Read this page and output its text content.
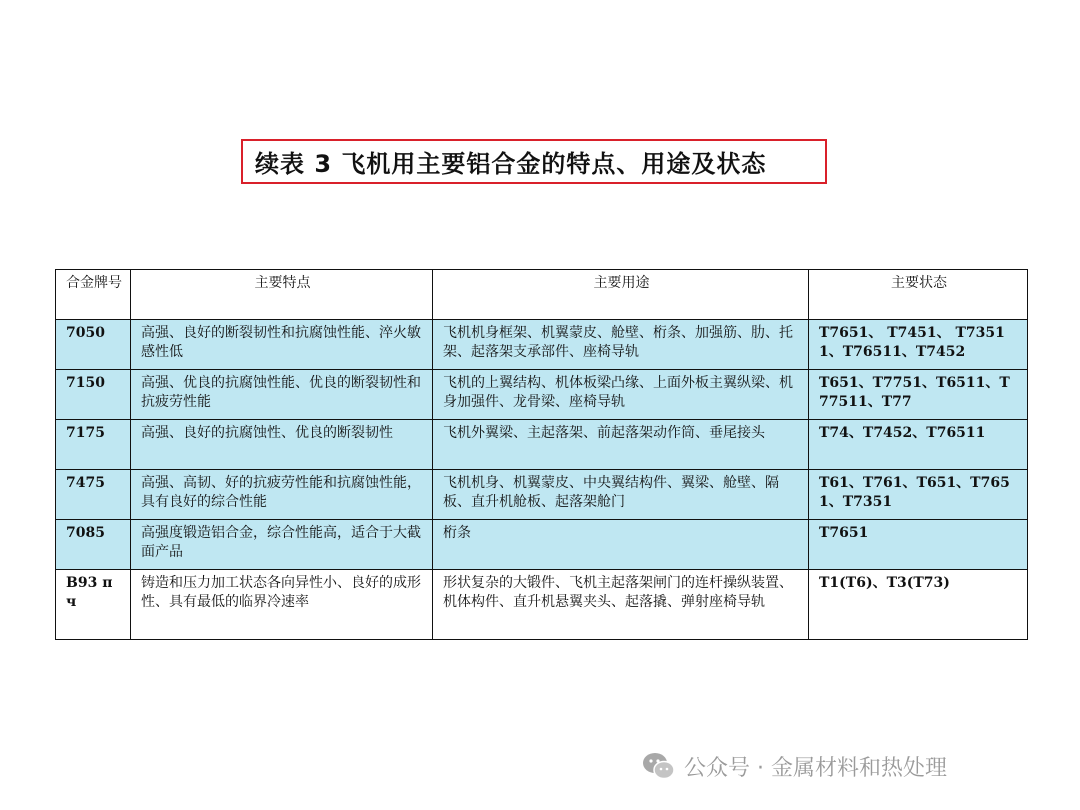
续表 3 飞机用主要铝合金的特点、用途及状态
合金牌号	主要特点	主要用途	主要状态
7050	高强、良好的断裂韧性和抗腐蚀性能、淬火敏感性低	飞机机身框架、机翼蒙皮、舱壁、桁条、加强筋、肋、托架、起落架支承部件、座椅导轨	T7651、 T7451、 T73511、T76511、T7452
7150	高强、优良的抗腐蚀性能、优良的断裂韧性和抗疲劳性能	飞机的上翼结构、机体板梁凸缘、上面外板主翼纵梁、机身加强件、龙骨梁、座椅导轨	T651、T7751、T6511、T77511、T77
7175	高强、良好的抗腐蚀性、优良的断裂韧性	飞机外翼梁、主起落架、前起落架动作筒、垂尾接头	T74、T7452、T76511
7475	高强、高韧、好的抗疲劳性能和抗腐蚀性能，具有良好的综合性能	飞机机身、机翼蒙皮、中央翼结构件、翼梁、舱壁、隔板、直升机舱板、起落架舱门	T61、T761、T651、T7651、T7351
7085	高强度锻造铝合金，综合性能高，适合于大截面产品	桁条	T7651
B93 пч	铸造和压力加工状态各向异性小、良好的成形性、具有最低的临界冷速率	形状复杂的大锻件、飞机主起落架闸门的连杆操纵装置、机体构件、直升机悬翼夹头、起落撬、弹射座椅导轨	T1(T6)、T3(T73)
公众号 · 金属材料和热处理
